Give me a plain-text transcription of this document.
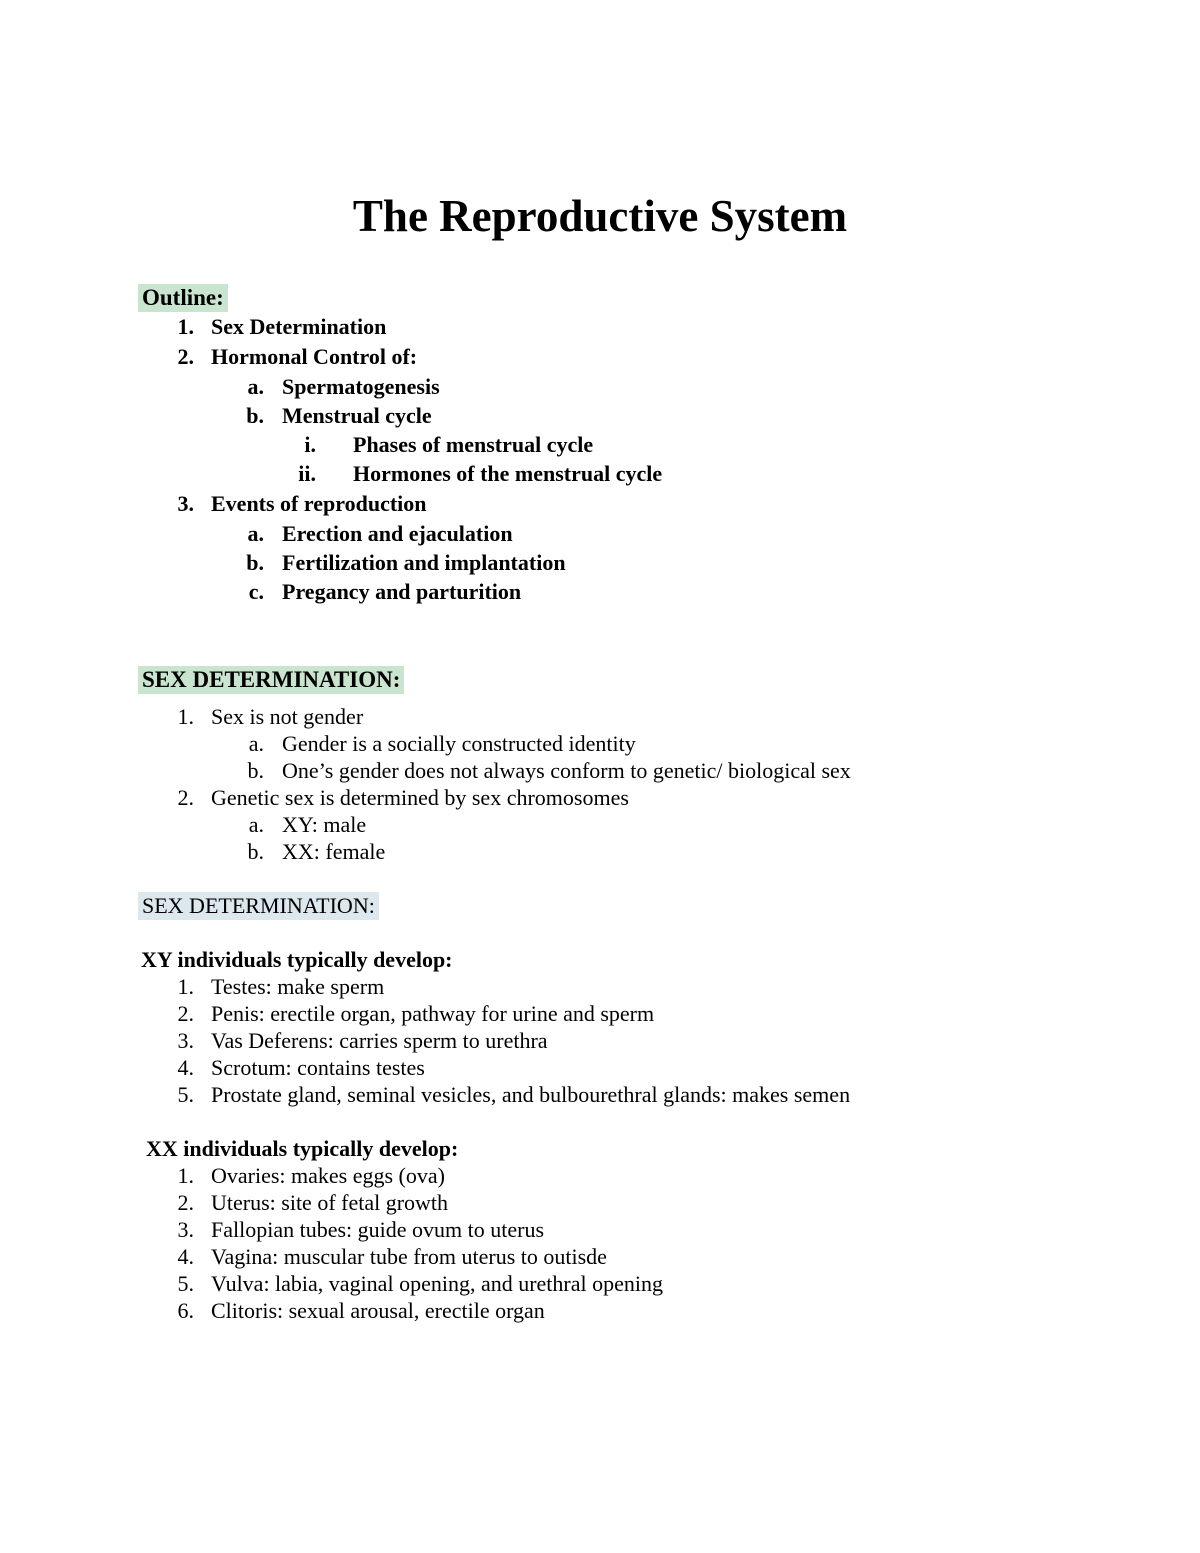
The Reproductive System
Outline:
1. Sex Determination
2. Hormonal Control of:
a. Spermatogenesis
b. Menstrual cycle
i. Phases of menstrual cycle
ii. Hormones of the menstrual cycle
3. Events of reproduction
a. Erection and ejaculation
b. Fertilization and implantation
c. Pregancy and parturition
SEX DETERMINATION:
1. Sex is not gender
a. Gender is a socially constructed identity
b. One’s gender does not always conform to genetic/ biological sex
2. Genetic sex is determined by sex chromosomes
a. XY: male
b. XX: female
SEX DETERMINATION:
XY individuals typically develop:
1. Testes: make sperm
2. Penis: erectile organ, pathway for urine and sperm
3. Vas Deferens: carries sperm to urethra
4. Scrotum: contains testes
5. Prostate gland, seminal vesicles, and bulbourethral glands: makes semen
XX individuals typically develop:
1. Ovaries: makes eggs (ova)
2. Uterus: site of fetal growth
3. Fallopian tubes: guide ovum to uterus
4. Vagina: muscular tube from uterus to outisde
5. Vulva: labia, vaginal opening, and urethral opening
6. Clitoris: sexual arousal, erectile organ
